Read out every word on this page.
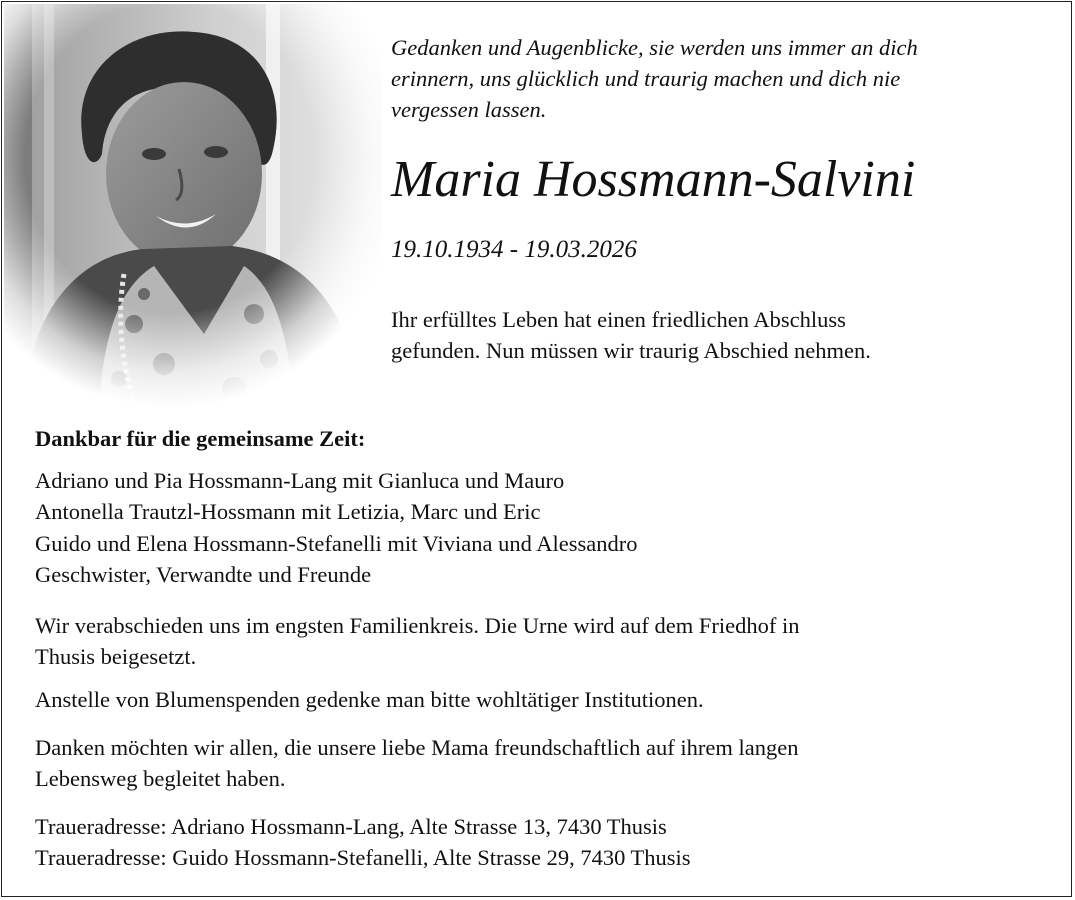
Gedanken und Augenblicke, sie werden uns immer an dich
erinnern, uns glücklich und traurig machen und dich nie
vergessen lassen.
Maria Hossmann-Salvini
19.10.1934 - 19.03.2026
Ihr erfülltes Leben hat einen friedlichen Abschluss
gefunden. Nun müssen wir traurig Abschied nehmen.
Dankbar für die gemeinsame Zeit:
Adriano und Pia Hossmann-Lang mit Gianluca und Mauro
Antonella Trautzl-Hossmann mit Letizia, Marc und Eric
Guido und Elena Hossmann-Stefanelli mit Viviana und Alessandro
Geschwister, Verwandte und Freunde
Wir verabschieden uns im engsten Familienkreis. Die Urne wird auf dem Friedhof in
Thusis beigesetzt.
Anstelle von Blumenspenden gedenke man bitte wohltätiger Institutionen.
Danken möchten wir allen, die unsere liebe Mama freundschaftlich auf ihrem langen
Lebensweg begleitet haben.
Traueradresse: Adriano Hossmann-Lang, Alte Strasse 13, 7430 Thusis
Traueradresse: Guido Hossmann-Stefanelli, Alte Strasse 29, 7430 Thusis
